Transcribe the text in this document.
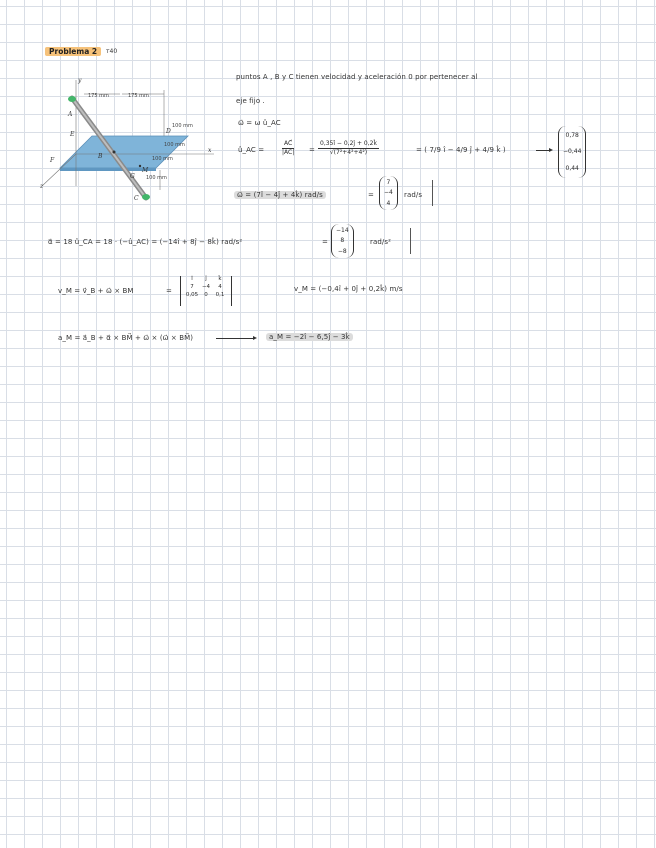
Problema 2	т40
175 mm	175 mm
100 mm
100 mm
100 mm
100 mm
y
x
z
A
B
C
D
E
F
M
G
puntos A , B y C tienen velocidad y aceleración 0 por pertenecer al
eje fijo .
ω⃗ = ω û_AC
û_AC =	$\frac{AC⃗}{|AC|} = \frac{0,35î - 0,2ĵ + 0,2k̂}{\text{√(7²+4²+4²)}}$	= ( 7/9 î − 4/9 ĵ + 4/9 k̂ )
0,78
−0,44
0,44
ω⃗ = (7î − 4ĵ + 4k̂) rad/s	=
7
−4
4
rad/s
α⃗ = 18 û_CA = 18 · (−û_AC) = (−14î + 8ĵ − 8k̂) rad/s²	=
−14
8
−8
rad/s²
v_M = v⃗_B + ω⃗ × BM	=
î	ĵ	k̂
7	−4	4
0,05	0	0,1
v_M = (−0,4î + 0ĵ + 0,2k̂) m/s
a_M = a⃗_B + α⃗ × BM⃗ + ω⃗ × (ω⃗ × BM⃗)	a_M = −2î − 6,5ĵ − 3k̂
